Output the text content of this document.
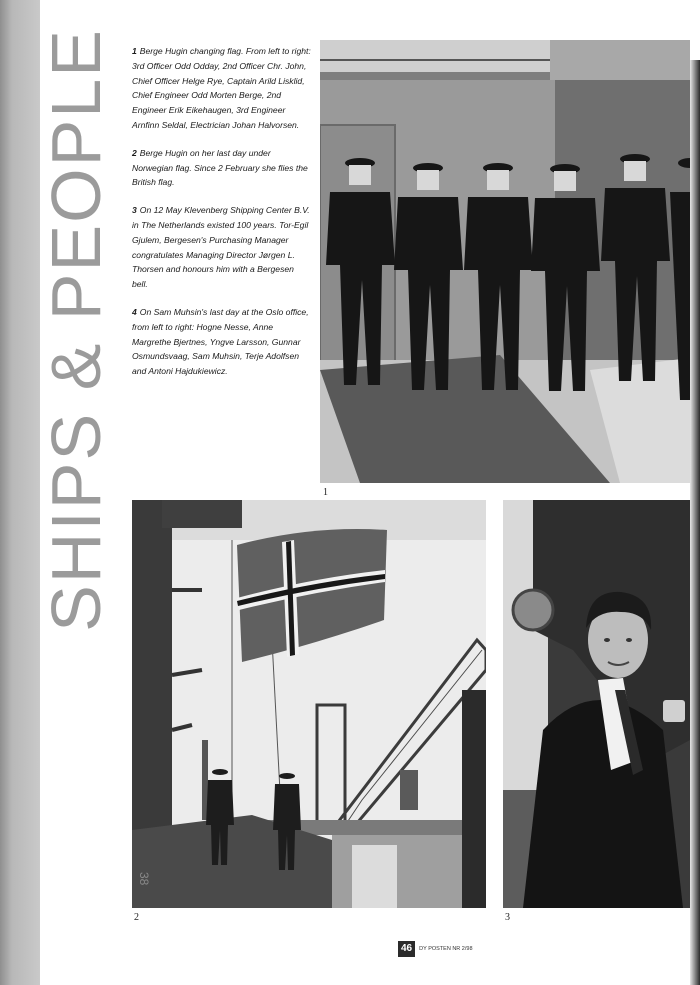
SHIPS & PEOPLE 1 Berge Hugin changing flag. From left to right: 3rd Officer Odd Odday, 2nd Officer Chr. John, Chief Officer Helge Rye, Captain Arild Lisklid, Chief Engineer Odd Morten Berge, 2nd Engineer Erik Eikehaugen, 3rd Engineer Arnfinn Seldal, Electrician Johan Halvorsen.

2 Berge Hugin on her last day under Norwegian flag. Since 2 February she flies the British flag.

3 On 12 May Klevenberg Shipping Center B.V. in The Netherlands existed 100 years. Tor-Egil Gjulem, Bergesen's Purchasing Manager congratulates Managing Director Jørgen L. Thorsen and honours him with a Bergesen bell.

4 On Sam Muhsin's last day at the Oslo office, from left to right: Hogne Nesse, Anne Margrethe Bjertnes, Yngve Larsson, Gunnar Osmundsvaag, Sam Muhsin, Terje Adolfsen and Antoni Hajdukiewicz.

38
1
2	3
46	DY POSTEN NR 2/98
